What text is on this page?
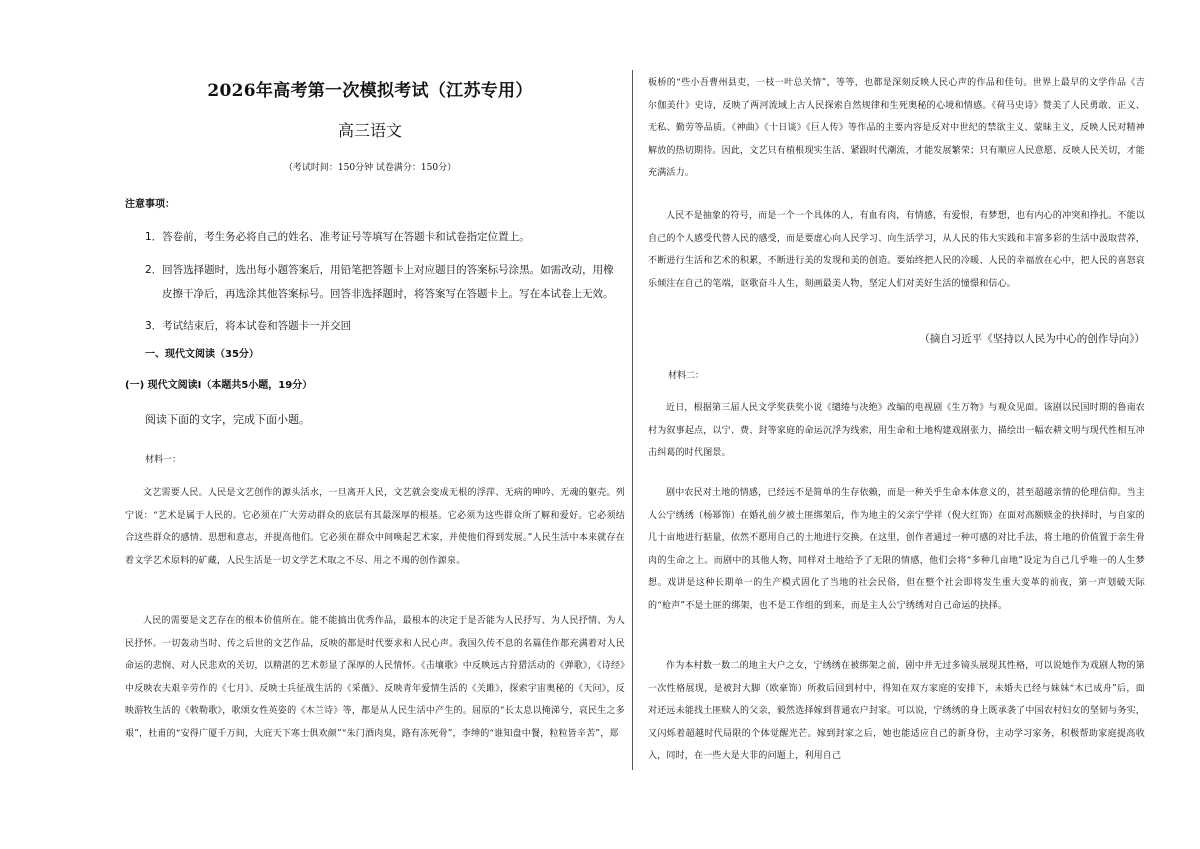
2026年高考第一次模拟考试（江苏专用）
高三语文
（考试时间：150分钟 试卷满分：150分）
注意事项：
1．答卷前，考生务必将自己的姓名、准考证号等填写在答题卡和试卷指定位置上。
2．回答选择题时，选出每小题答案后，用铅笔把答题卡上对应题目的答案标号涂黑。如需改动，用橡
皮擦干净后，再选涂其他答案标号。回答非选择题时，将答案写在答题卡上。写在本试卷上无效。
3．考试结束后，将本试卷和答题卡一并交回
一、现代文阅读（35分）
(一) 现代文阅读Ⅰ（本题共5小题，19分）
阅读下面的文字，完成下面小题。
材料一：
文艺需要人民。人民是文艺创作的源头活水，一旦离开人民，文艺就会变成无根的浮萍、无病的呻吟、无魂的躯壳。列宁说：“艺术是属于人民的。它必须在广大劳动群众的底层有其最深厚的根基。它必须为这些群众所了解和爱好。它必须结合这些群众的感情、思想和意志，并提高他们。它必须在群众中间唤起艺术家，并使他们得到发展。”人民生活中本来就存在着文学艺术原料的矿藏，人民生活是一切文学艺术取之不尽、用之不竭的创作源泉。
人民的需要是文艺存在的根本价值所在。能不能搞出优秀作品，最根本的决定于是否能为人民抒写、为人民抒情、为人民抒怀。一切轰动当时、传之后世的文艺作品，反映的都是时代要求和人民心声。我国久传不息的名篇佳作都充满着对人民命运的悲悯、对人民悲欢的关切，以精湛的艺术彰显了深厚的人民情怀。《击壤歌》中反映远古狩猎活动的《弹歌》，《诗经》中反映农夫艰辛劳作的《七月》、反映士兵征战生活的《采薇》、反映青年爱情生活的《关雎》，探索宇宙奥秘的《天问》，反映游牧生活的《敕勒歌》，歌颂女性英姿的《木兰诗》等，都是从人民生活中产生的。屈原的“长太息以掩涕兮，哀民生之多艰”，杜甫的“安得广厦千万间，大庇天下寒士俱欢颜”“朱门酒肉臭，路有冻死骨”，李绅的“谁知盘中餐，粒粒皆辛苦”，郑
板桥的“些小吾曹州县吏，一枝一叶总关情”，等等，也都是深刻反映人民心声的作品和佳句。世界上最早的文学作品《吉尔伽美什》史诗，反映了两河流域上古人民探索自然规律和生死奥秘的心境和情感。《荷马史诗》赞美了人民勇敢、正义、无私、勤劳等品质。《神曲》《十日谈》《巨人传》等作品的主要内容是反对中世纪的禁欲主义、蒙昧主义，反映人民对精神解放的热切期待。因此，文艺只有植根现实生活、紧跟时代潮流，才能发展繁荣；只有顺应人民意愿、反映人民关切，才能充满活力。
人民不是抽象的符号，而是一个一个具体的人，有血有肉，有情感，有爱恨，有梦想，也有内心的冲突和挣扎。不能以自己的个人感受代替人民的感受，而是要虚心向人民学习、向生活学习，从人民的伟大实践和丰富多彩的生活中汲取营养，不断进行生活和艺术的积累，不断进行美的发现和美的创造。要始终把人民的冷暖、人民的幸福放在心中，把人民的喜怒哀乐倾注在自己的笔端，讴歌奋斗人生，刻画最美人物，坚定人们对美好生活的憧憬和信心。
（摘自习近平《坚持以人民为中心的创作导向》）
材料二：
近日，根据第三届人民文学奖获奖小说《缱绻与决绝》改编的电视剧《生万物》与观众见面。该剧以民国时期的鲁南农村为叙事起点，以宁、费、封等家庭的命运沉浮为线索，用生命和土地构建戏剧张力，描绘出一幅农耕文明与现代性相互冲击纠葛的时代图景。
剧中农民对土地的情感，已经远不是简单的生存依赖，而是一种关乎生命本体意义的，甚至超越亲情的伦理信仰。当主人公宁绣绣（杨幂饰）在婚礼前夕被土匪绑架后，作为地主的父亲宁学祥（倪大红饰）在面对高额赎金的抉择时，与自家的几十亩地进行掂量，依然不愿用自己的土地进行交换。在这里，创作者通过一种可感的对比手法，将土地的价值置于亲生骨肉的生命之上。而剧中的其他人物，同样对土地给予了无限的情感，他们会将“多种几亩地”设定为自己几乎唯一的人生梦想。戏讲是这种长期单一的生产模式固化了当地的社会民俗，但在整个社会即将发生重大变革的前夜，第一声划破天际的“枪声”不是土匪的绑架，也不是工作组的到来，而是主人公宁绣绣对自己命运的抉择。
作为本村数一数二的地主大户之女，宁绣绣在被绑架之前，剧中并无过多镜头展现其性格，可以说她作为戏剧人物的第一次性格展现，是被封大脚（欧豪饰）所救后回到村中，得知在双方家庭的安排下，未婚夫已经与妹妹“木已成舟”后，面对还远未能找土匪赎人的父亲，毅然选择嫁到普通农户封家。可以说，宁绣绣的身上既承袭了中国农村妇女的坚韧与务实，又闪烁着超越时代局限的个体觉醒光芒。嫁到封家之后，她也能适应自己的新身份，主动学习家务，积极帮助家庭提高收入，同时，在一些大是大非的问题上，利用自己
